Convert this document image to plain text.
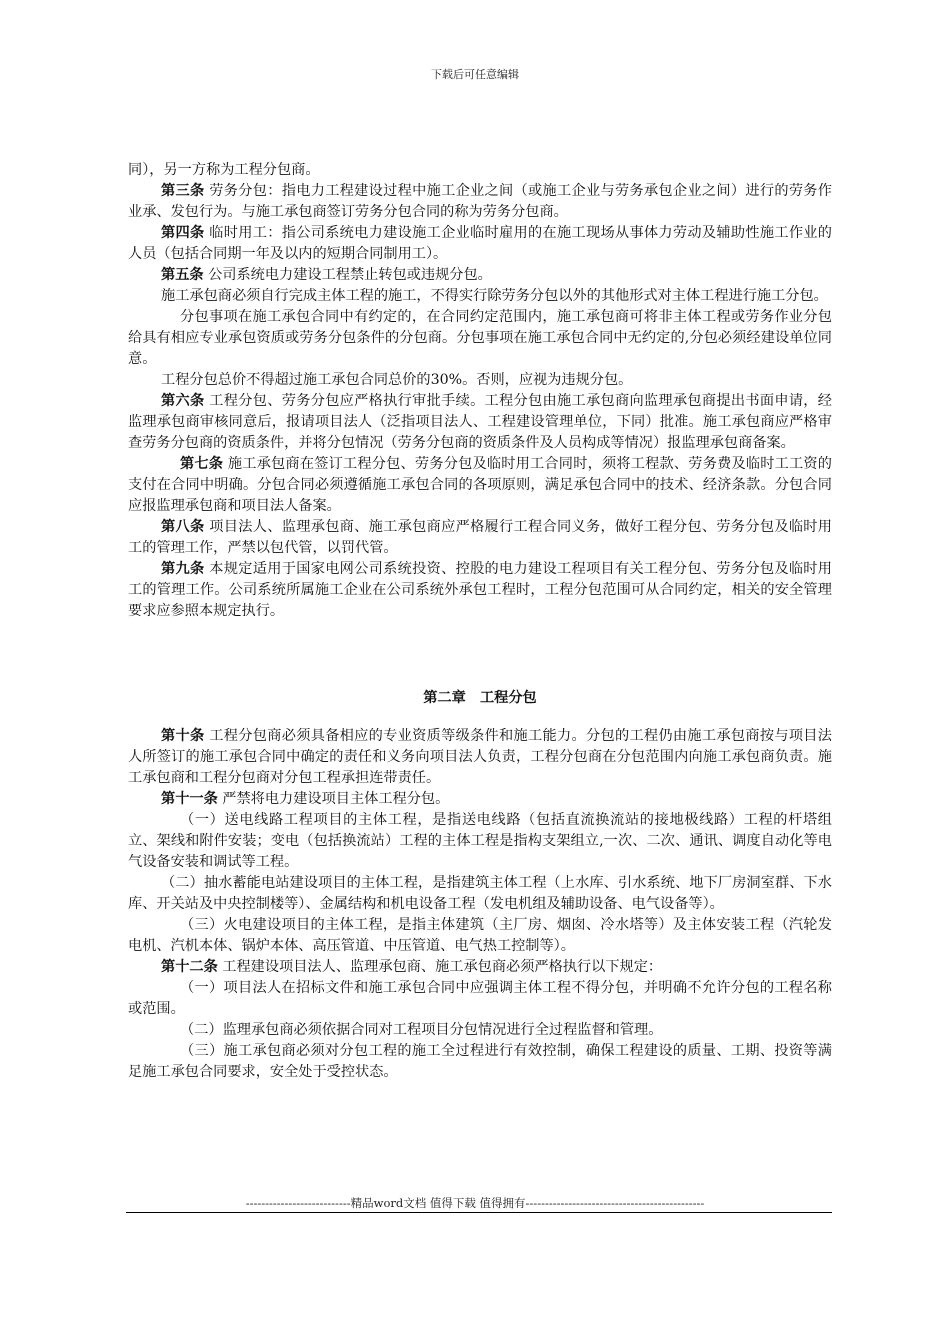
下载后可任意编辑

同），另一方称为工程分包商。

第三条 劳务分包：指电力工程建设过程中施工企业之间（或施工企业与劳务承包企业之间）进行的劳务作业承、发包行为。与施工承包商签订劳务分包合同的称为劳务分包商。

第四条 临时用工：指公司系统电力建设施工企业临时雇用的在施工现场从事体力劳动及辅助性施工作业的人员（包括合同期一年及以内的短期合同制用工）。

第五条 公司系统电力建设工程禁止转包或违规分包。

施工承包商必须自行完成主体工程的施工，不得实行除劳务分包以外的其他形式对主体工程进行施工分包。

分包事项在施工承包合同中有约定的，在合同约定范围内，施工承包商可将非主体工程或劳务作业分包给具有相应专业承包资质或劳务分包条件的分包商。分包事项在施工承包合同中无约定的,分包必须经建设单位同意。

工程分包总价不得超过施工承包合同总价的30%。否则，应视为违规分包。

第六条 工程分包、劳务分包应严格执行审批手续。工程分包由施工承包商向监理承包商提出书面申请，经监理承包商审核同意后，报请项目法人（泛指项目法人、工程建设管理单位，下同）批准。施工承包商应严格审查劳务分包商的资质条件，并将分包情况（劳务分包商的资质条件及人员构成等情况）报监理承包商备案。

第七条 施工承包商在签订工程分包、劳务分包及临时用工合同时，须将工程款、劳务费及临时工工资的支付在合同中明确。分包合同必须遵循施工承包合同的各项原则，满足承包合同中的技术、经济条款。分包合同应报监理承包商和项目法人备案。

第八条 项目法人、监理承包商、施工承包商应严格履行工程合同义务，做好工程分包、劳务分包及临时用工的管理工作，严禁以包代管，以罚代管。

第九条 本规定适用于国家电网公司系统投资、控股的电力建设工程项目有关工程分包、劳务分包及临时用工的管理工作。公司系统所属施工企业在公司系统外承包工程时，工程分包范围可从合同约定，相关的安全管理要求应参照本规定执行。

第二章　工程分包

第十条 工程分包商必须具备相应的专业资质等级条件和施工能力。分包的工程仍由施工承包商按与项目法人所签订的施工承包合同中确定的责任和义务向项目法人负责，工程分包商在分包范围内向施工承包商负责。施工承包商和工程分包商对分包工程承担连带责任。

第十一条 严禁将电力建设项目主体工程分包。

（一）送电线路工程项目的主体工程，是指送电线路（包括直流换流站的接地极线路）工程的杆塔组立、架线和附件安装；变电（包括换流站）工程的主体工程是指构支架组立,一次、二次、通讯、调度自动化等电气设备安装和调试等工程。

（二）抽水蓄能电站建设项目的主体工程，是指建筑主体工程（上水库、引水系统、地下厂房洞室群、下水库、开关站及中央控制楼等）、金属结构和机电设备工程（发电机组及辅助设备、电气设备等）。

（三）火电建设项目的主体工程，是指主体建筑（主厂房、烟囱、冷水塔等）及主体安装工程（汽轮发电机、汽机本体、锅炉本体、高压管道、中压管道、电气热工控制等）。

第十二条 工程建设项目法人、监理承包商、施工承包商必须严格执行以下规定：

（一）项目法人在招标文件和施工承包合同中应强调主体工程不得分包，并明确不允许分包的工程名称或范围。

（二）监理承包商必须依据合同对工程项目分包情况进行全过程监督和管理。

（三）施工承包商必须对分包工程的施工全过程进行有效控制，确保工程建设的质量、工期、投资等满足施工承包合同要求，安全处于受控状态。

---------------------------精品word文档 值得下载 值得拥有----------------------------------------------
